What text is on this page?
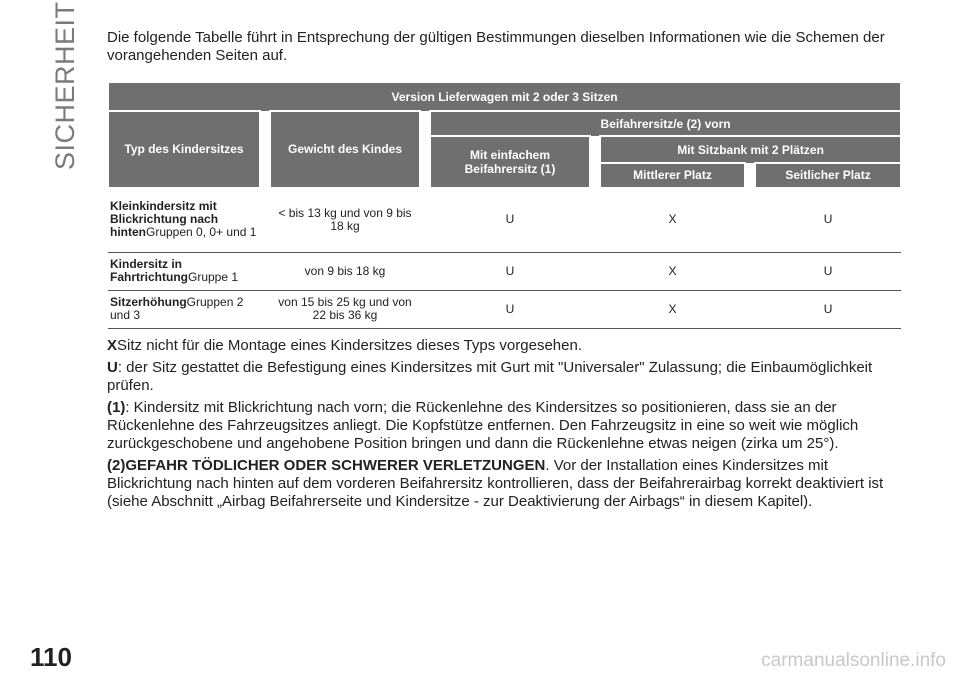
SICHERHEIT Die folgende Tabelle führt in Entsprechung der gültigen Bestimmungen dieselben Informationen wie die Schemen der vorangehenden Seiten auf.

Version Lieferwagen mit 2 oder 3 Sitzen								
Typ des Kindersitzes		Gewicht des Kindes		Beifahrersitz/e (2) vorn				
				Mit einfachem Beifahrersitz (1)		Mit Sitzbank mit 2 Plätzen		
						Mittlerer Platz		Seitlicher Platz
Kleinkindersitz mit Blickrichtung nach hintenGruppen 0, 0+ und 1		< bis 13 kg und von 9 bis 18 kg		U		X		U
Kindersitz in FahrtrichtungGruppe 1		von 9 bis 18 kg		U		X		U
SitzerhöhungGruppen 2 und 3		von 15 bis 25 kg und von 22 bis 36 kg		U		X		U

XSitz nicht für die Montage eines Kindersitzes dieses Typs vorgesehen.

U: der Sitz gestattet die Befestigung eines Kindersitzes mit Gurt mit "Universaler" Zulassung; die Einbaumöglichkeit prüfen.

(1): Kindersitz mit Blickrichtung nach vorn; die Rückenlehne des Kindersitzes so positionieren, dass sie an der Rückenlehne des Fahrzeugsitzes anliegt. Die Kopfstütze entfernen. Den Fahrzeugsitz in eine so weit wie möglich zurückgeschobene und angehobene Position bringen und dann die Rückenlehne etwas neigen (zirka um 25°).

(2)GEFAHR TÖDLICHER ODER SCHWERER VERLETZUNGEN. Vor der Installation eines Kindersitzes mit Blickrichtung nach hinten auf dem vorderen Beifahrersitz kontrollieren, dass der Beifahrerairbag korrekt deaktiviert ist (siehe Abschnitt „Airbag Beifahrerseite und Kindersitze - zur Deaktivierung der Airbags“ in diesem Kapitel).

110	carmanualsonline.info
